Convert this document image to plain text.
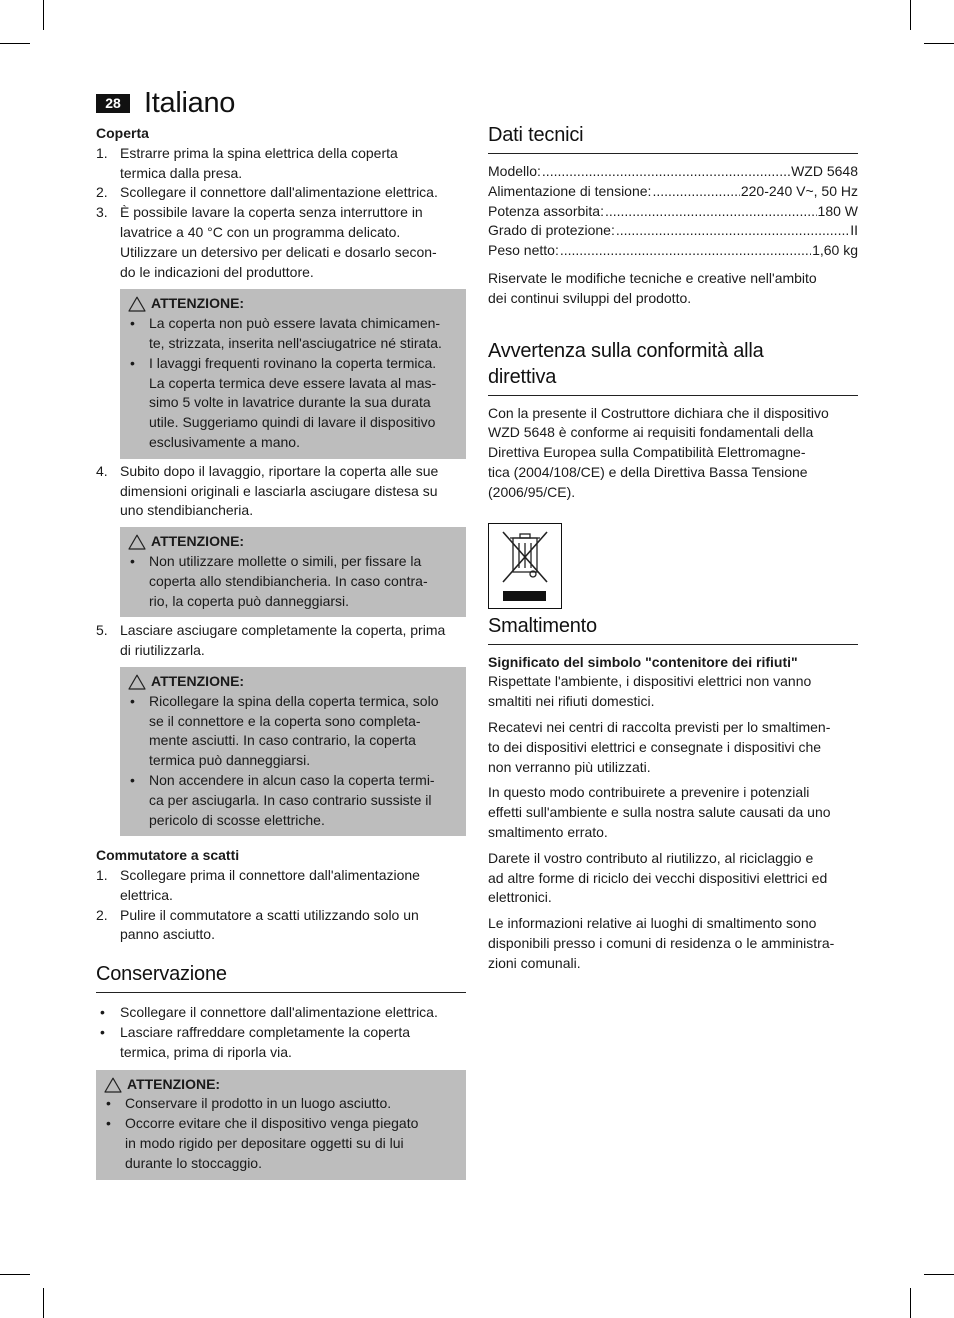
28 Italiano
Coperta
1. Estrarre prima la spina elettrica della coperta
termica dalla presa.
2. Scollegare il connettore dall'alimentazione elettrica.
3. È possibile lavare la coperta senza interruttore in
lavatrice a 40 °C con un programma delicato.
Utilizzare un detersivo per delicati e dosarlo secon-
do le indicazioni del produttore.
ATTENZIONE:
• La coperta non può essere lavata chimicamen-
te, strizzata, inserita nell'asciugatrice né stirata.
• I lavaggi frequenti rovinano la coperta termica.
La coperta termica deve essere lavata al mas-
simo 5 volte in lavatrice durante la sua durata
utile. Suggeriamo quindi di lavare il dispositivo
esclusivamente a mano.
4. Subito dopo il lavaggio, riportare la coperta alle sue
dimensioni originali e lasciarla asciugare distesa su
uno stendibiancheria.
ATTENZIONE:
• Non utilizzare mollette o simili, per fissare la
coperta allo stendibiancheria. In caso contra-
rio, la coperta può danneggiarsi.
5. Lasciare asciugare completamente la coperta, prima
di riutilizzarla.
ATTENZIONE:
• Ricollegare la spina della coperta termica, solo
se il connettore e la coperta sono completa-
mente asciutti. In caso contrario, la coperta
termica può danneggiarsi.
• Non accendere in alcun caso la coperta termi-
ca per asciugarla. In caso contrario sussiste il
pericolo di scosse elettriche.
Commutatore a scatti
1. Scollegare prima il connettore dall'alimentazione
elettrica.
2. Pulire il commutatore a scatti utilizzando solo un
panno asciutto.
Conservazione
• Scollegare il connettore dall'alimentazione elettrica.
• Lasciare raffreddare completamente la coperta
termica, prima di riporla via.
ATTENZIONE:
• Conservare il prodotto in un luogo asciutto.
• Occorre evitare che il dispositivo venga piegato
in modo rigido per depositare oggetti su di lui
durante lo stoccaggio.
Dati tecnici
Modello: .....	WZD 5648
Alimentazione di tensione: .....	220-240 V~, 50 Hz
Potenza assorbita: .....	180 W
Grado di protezione: .....	II
Peso netto: .....	1,60 kg

Riservate le modifiche tecniche e creative nell'ambito
dei continui sviluppi del prodotto.

Avvertenza sulla conformità alla
direttiva

Con la presente il Costruttore dichiara che il dispositivo
WZD 5648 è conforme ai requisiti fondamentali della
Direttiva Europea sulla Compatibilità Elettromagne-
tica (2004/108/CE) e della Direttiva Bassa Tensione
(2006/95/CE).

Smaltimento
Significato del simbolo "contenitore dei rifiuti"

Rispettate l'ambiente, i dispositivi elettrici non vanno
smaltiti nei rifiuti domestici.

Recatevi nei centri di raccolta previsti per lo smaltimen-
to dei dispositivi elettrici e consegnate i dispositivi che
non verranno più utilizzati.

In questo modo contribuirete a prevenire i potenziali
effetti sull'ambiente e sulla nostra salute causati da uno
smaltimento errato.

Darete il vostro contributo al riutilizzo, al riciclaggio e
ad altre forme di riciclo dei vecchi dispositivi elettrici ed
elettronici.

Le informazioni relative ai luoghi di smaltimento sono
disponibili presso i comuni di residenza o le amministra-
zioni comunali.
